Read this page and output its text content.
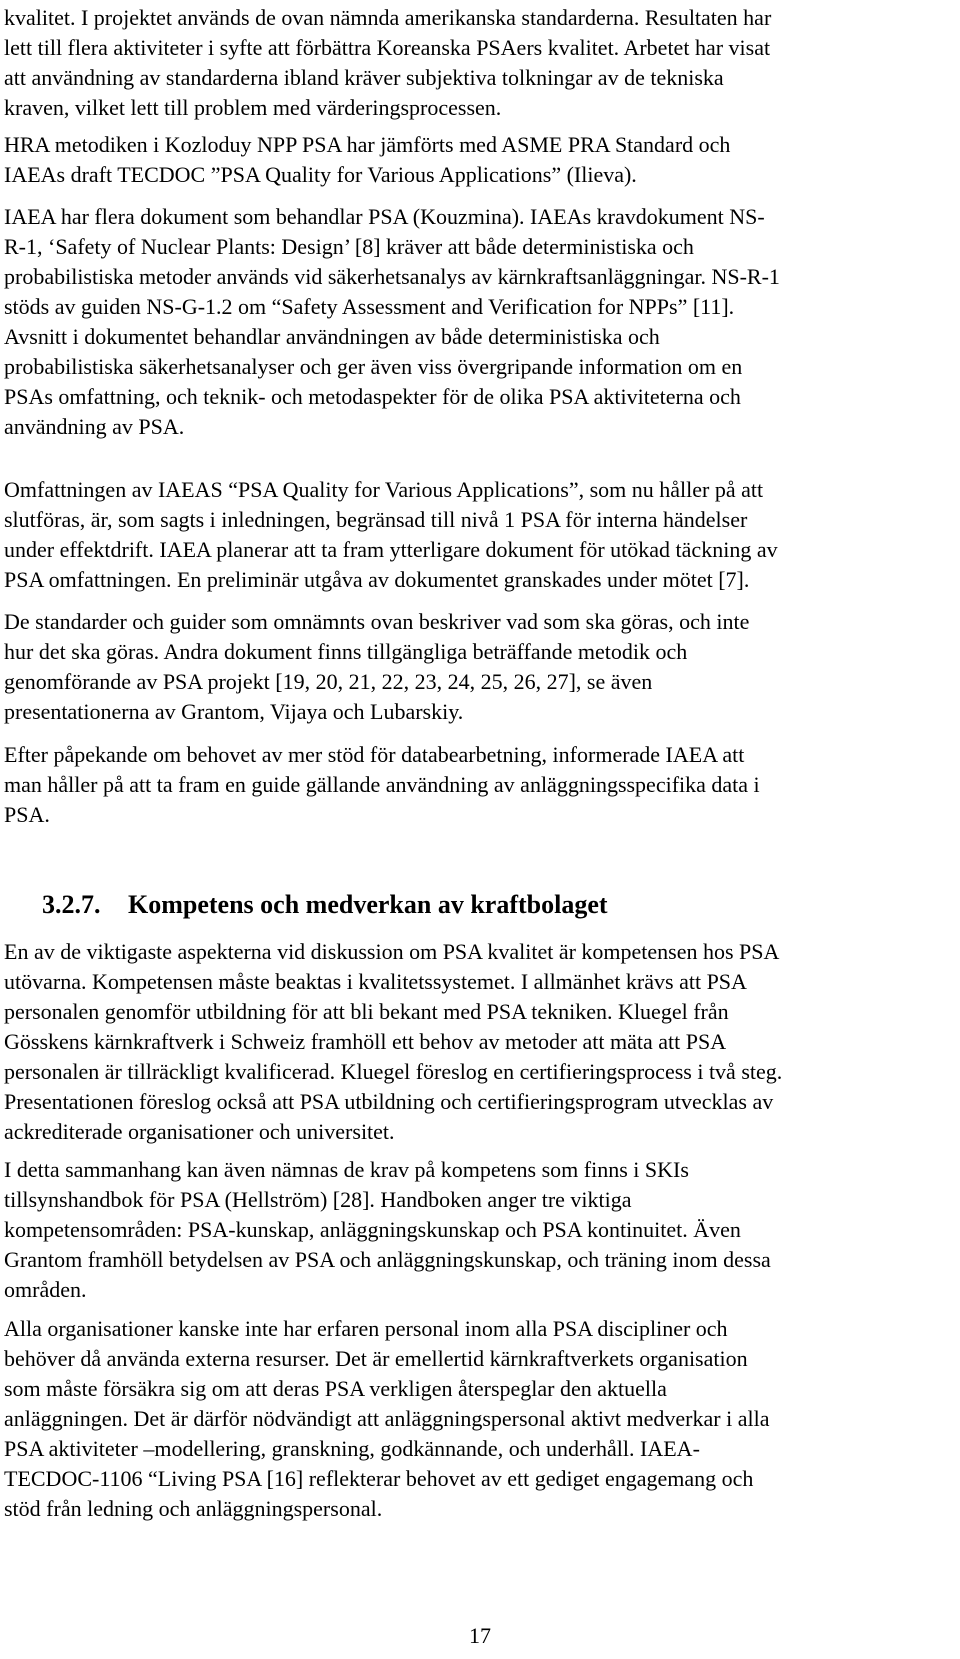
kvalitet. I projektet används de ovan nämnda amerikanska standarderna. Resultaten har
lett till flera aktiviteter i syfte att förbättra Koreanska PSAers kvalitet. Arbetet har visat
att användning av standarderna ibland kräver subjektiva tolkningar av de tekniska
kraven, vilket lett till problem med värderingsprocessen.
HRA metodiken i Kozloduy NPP PSA har jämförts med ASME PRA Standard och
IAEAs draft TECDOC ”PSA Quality for Various Applications” (Ilieva).
IAEA har flera dokument som behandlar PSA (Kouzmina). IAEAs kravdokument NS-
R-1, ‘Safety of Nuclear Plants: Design’ [8] kräver att både deterministiska och
probabilistiska metoder används vid säkerhetsanalys av kärnkraftsanläggningar. NS-R-1
stöds av guiden NS-G-1.2 om “Safety Assessment and Verification for NPPs” [11].
Avsnitt i dokumentet behandlar användningen av både deterministiska och
probabilistiska säkerhetsanalyser och ger även viss övergripande information om en
PSAs omfattning, och teknik- och metodaspekter för de olika PSA aktiviteterna och
användning av PSA.
Omfattningen av IAEAS “PSA Quality for Various Applications”, som nu håller på att
slutföras, är, som sagts i inledningen, begränsad till nivå 1 PSA för interna händelser
under effektdrift. IAEA planerar att ta fram ytterligare dokument för utökad täckning av
PSA omfattningen. En preliminär utgåva av dokumentet granskades under mötet [7].
De standarder och guider som omnämnts ovan beskriver vad som ska göras, och inte
hur det ska göras. Andra dokument finns tillgängliga beträffande metodik och
genomförande av PSA projekt [19, 20, 21, 22, 23, 24, 25, 26, 27], se även
presentationerna av Grantom, Vijaya och Lubarskiy.
Efter påpekande om behovet av mer stöd för databearbetning, informerade IAEA att
man håller på att ta fram en guide gällande användning av anläggningsspecifika data i
PSA.
3.2.7. Kompetens och medverkan av kraftbolaget
En av de viktigaste aspekterna vid diskussion om PSA kvalitet är kompetensen hos PSA
utövarna. Kompetensen måste beaktas i kvalitetssystemet. I allmänhet krävs att PSA
personalen genomför utbildning för att bli bekant med PSA tekniken. Kluegel från
Gösskens kärnkraftverk i Schweiz framhöll ett behov av metoder att mäta att PSA
personalen är tillräckligt kvalificerad. Kluegel föreslog en certifieringsprocess i två steg.
Presentationen föreslog också att PSA utbildning och certifieringsprogram utvecklas av
ackrediterade organisationer och universitet.
I detta sammanhang kan även nämnas de krav på kompetens som finns i SKIs
tillsynshandbok för PSA (Hellström) [28]. Handboken anger tre viktiga
kompetensområden: PSA-kunskap, anläggningskunskap och PSA kontinuitet. Även
Grantom framhöll betydelsen av PSA och anläggningskunskap, och träning inom dessa
områden.
Alla organisationer kanske inte har erfaren personal inom alla PSA discipliner och
behöver då använda externa resurser. Det är emellertid kärnkraftverkets organisation
som måste försäkra sig om att deras PSA verkligen återspeglar den aktuella
anläggningen. Det är därför nödvändigt att anläggningspersonal aktivt medverkar i alla
PSA aktiviteter –modellering, granskning, godkännande, och underhåll. IAEA-
TECDOC-1106 “Living PSA [16] reflekterar behovet av ett gediget engagemang och
stöd från ledning och anläggningspersonal.
17
